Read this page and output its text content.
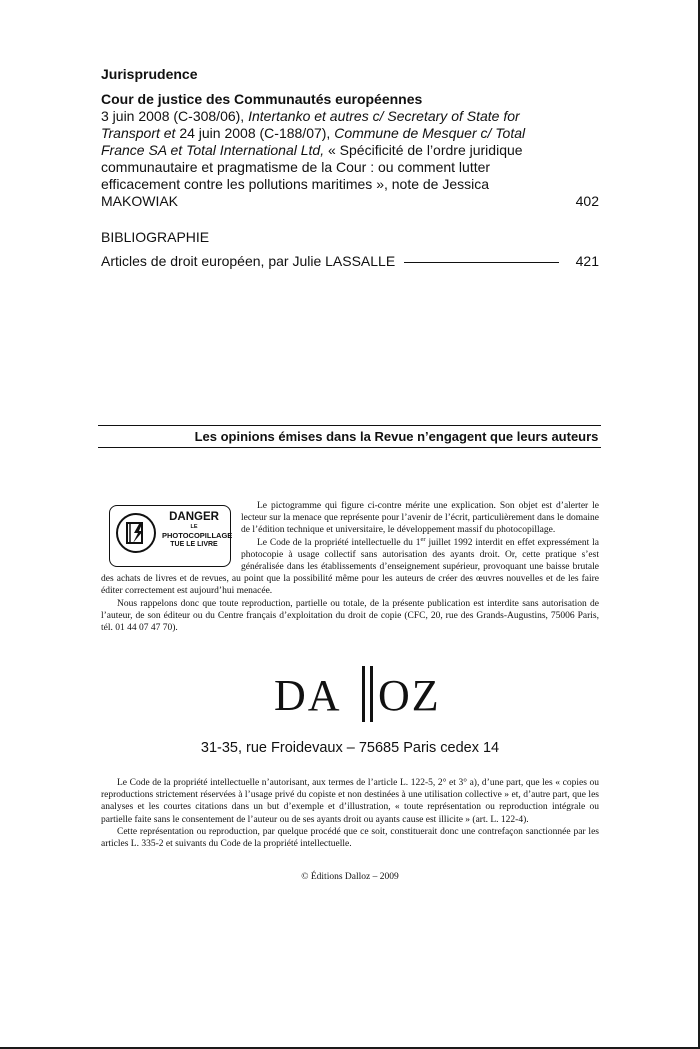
Jurisprudence
Cour de justice des Communautés européennes
3 juin 2008 (C-308/06), Intertanko et autres c/ Secretary of State for Transport et 24 juin 2008 (C-188/07), Commune de Mesquer c/ Total France SA et Total International Ltd, « Spécificité de l’ordre juridique communautaire et pragmatisme de la Cour : ou comment lutter efficacement contre les pollutions maritimes », note de Jessica MAKOWIAK	402
BIBLIOGRAPHIE
Articles de droit européen, par Julie LASSALLE	421
Les opinions émises dans la Revue n’engagent que leurs auteurs
DANGER
LE
PHOTOCOPILLAGE
TUE LE LIVRE

Le pictogramme qui figure ci-contre mérite une explication. Son objet est d’alerter le lecteur sur la menace que représente pour l’avenir de l’écrit, particulièrement dans le domaine de l’édition technique et universitaire, le développement massif du photocopillage.

Le Code de la propriété intellectuelle du 1er juillet 1992 interdit en effet expressément la photocopie à usage collectif sans autorisation des ayants droit. Or, cette pratique s’est généralisée dans les établissements d’enseignement supérieur, provoquant une baisse brutale des achats de livres et de revues, au point que la possibilité même pour les auteurs de créer des œuvres nouvelles et de les faire éditer correctement est aujourd’hui menacée.

Nous rappelons donc que toute reproduction, partielle ou totale, de la présente publication est interdite sans autorisation de l’auteur, de son éditeur ou du Centre français d’exploitation du droit de copie (CFC, 20, rue des Grands-Augustins, 75006 Paris, tél. 01 44 07 47 70).

DA OZ
31-35, rue Froidevaux – 75685 Paris cedex 14

Le Code de la propriété intellectuelle n’autorisant, aux termes de l’article L. 122-5, 2° et 3° a), d’une part, que les « copies ou reproductions strictement réservées à l’usage privé du copiste et non destinées à une utilisation collective » et, d’autre part, que les analyses et les courtes citations dans un but d’exemple et d’illustration, « toute représentation ou reproduction intégrale ou partielle faite sans le consentement de l’auteur ou de ses ayants droit ou ayants cause est illicite » (art. L. 122-4).

Cette représentation ou reproduction, par quelque procédé que ce soit, constituerait donc une contrefaçon sanctionnée par les articles L. 335-2 et suivants du Code de la propriété intellectuelle.

© Éditions Dalloz – 2009
